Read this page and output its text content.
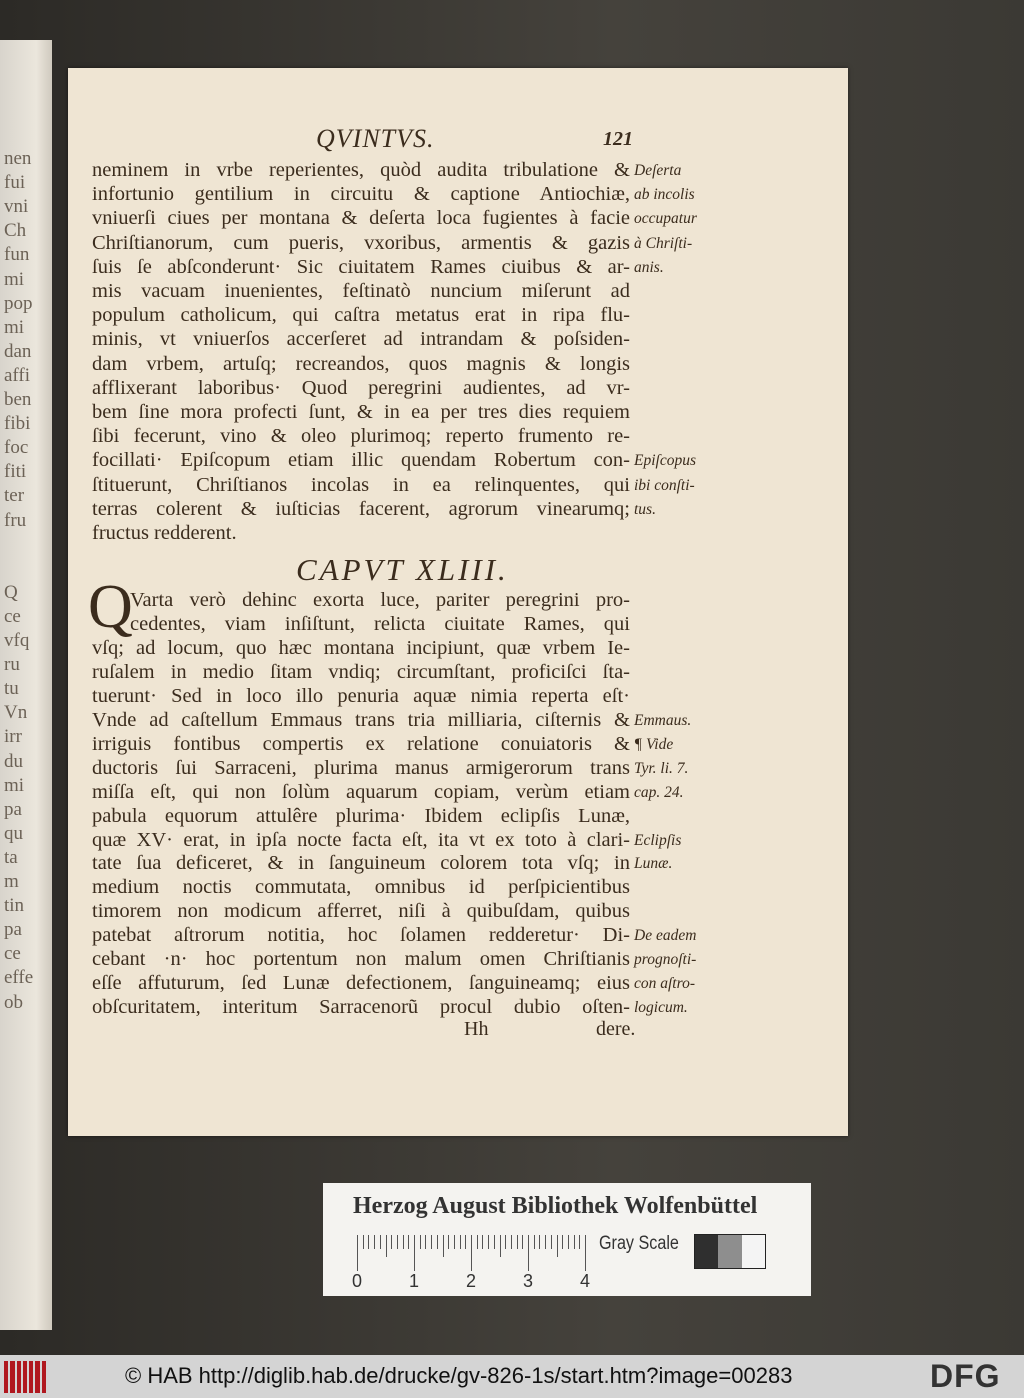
nen
fui
vni
Ch
fun
mi
pop
mi
dan
affi
ben
fibi
foc
fiti
ter
fru
Q
ce
vfq
ru
tu
Vn
irr
du
mi
pa
qu
ta
m
tin
pa
ce
effe
ob
QVINTVS.	121
CAPVT XLIII.
Q
Hh	dere.
neminem in vrbe reperientes, quòd audita tribulatione & Deſerta
infortunio gentilium in circuitu & captione Antiochiæ, ab incolis
vniuerſi ciues per montana & deſerta loca fugientes à facie occupatur
Chriſtianorum, cum pueris, vxoribus, armentis & gazis à Chriſti-
ſuis ſe abſconderunt· Sic ciuitatem Rames ciuibus & ar- anis.
mis vacuam inuenientes, feſtinatò nuncium miſerunt ad
populum catholicum, qui caſtra metatus erat in ripa flu-
minis, vt vniuerſos accerſeret ad intrandam & poſsiden-
dam vrbem, artuſq; recreandos, quos magnis & longis
afflixerant laboribus· Quod peregrini audientes, ad vr-
bem ſine mora profecti ſunt, & in ea per tres dies requiem
ſibi fecerunt, vino & oleo plurimoq; reperto frumento re-
focillati· Epiſcopum etiam illic quendam Robertum con- Epiſcopus
ſtituerunt, Chriſtianos incolas in ea relinquentes, qui ibi conſti-
terras colerent & iuſticias facerent, agrorum vinearumq; tus.
fructus redderent.
Varta verò dehinc exorta luce, pariter peregrini pro-
cedentes, viam inſiſtunt, relicta ciuitate Rames, qui
vſq; ad locum, quo hæc montana incipiunt, quæ vrbem Ie-
ruſalem in medio ſitam vndiq; circumſtant, proficiſci ſta-
tuerunt· Sed in loco illo penuria aquæ nimia reperta eſt·
Vnde ad caſtellum Emmaus trans tria milliaria, ciſternis & Emmaus.
irriguis fontibus compertis ex relatione conuiatoris & ¶ Vide
ductoris ſui Sarraceni, plurima manus armigerorum trans Tyr. li. 7.
miſſa eſt, qui non ſolùm aquarum copiam, verùm etiam cap. 24.
pabula equorum attulêre plurima· Ibidem eclipſis Lunæ,
quæ XV· erat, in ipſa nocte facta eſt, ita vt ex toto à clari- Eclipſis
tate ſua deficeret, & in ſanguineum colorem tota vſq; in Lunæ.
medium noctis commutata, omnibus id perſpicientibus
timorem non modicum afferret, niſi à quibuſdam, quibus
patebat aſtrorum notitia, hoc ſolamen redderetur· Di- De eadem
cebant ·n· hoc portentum non malum omen Chriſtianis prognoſti-
eſſe affuturum, ſed Lunæ defectionem, ſanguineamq; eius con aſtro-
obſcuritatem, interitum Sarracenorũ procul dubio oſten- logicum.
Herzog August Bibliothek Wolfenbüttel
Gray Scale
0	1	2	3	4
© HAB http://diglib.hab.de/drucke/gv-826-1s/start.htm?image=00283	DFG
